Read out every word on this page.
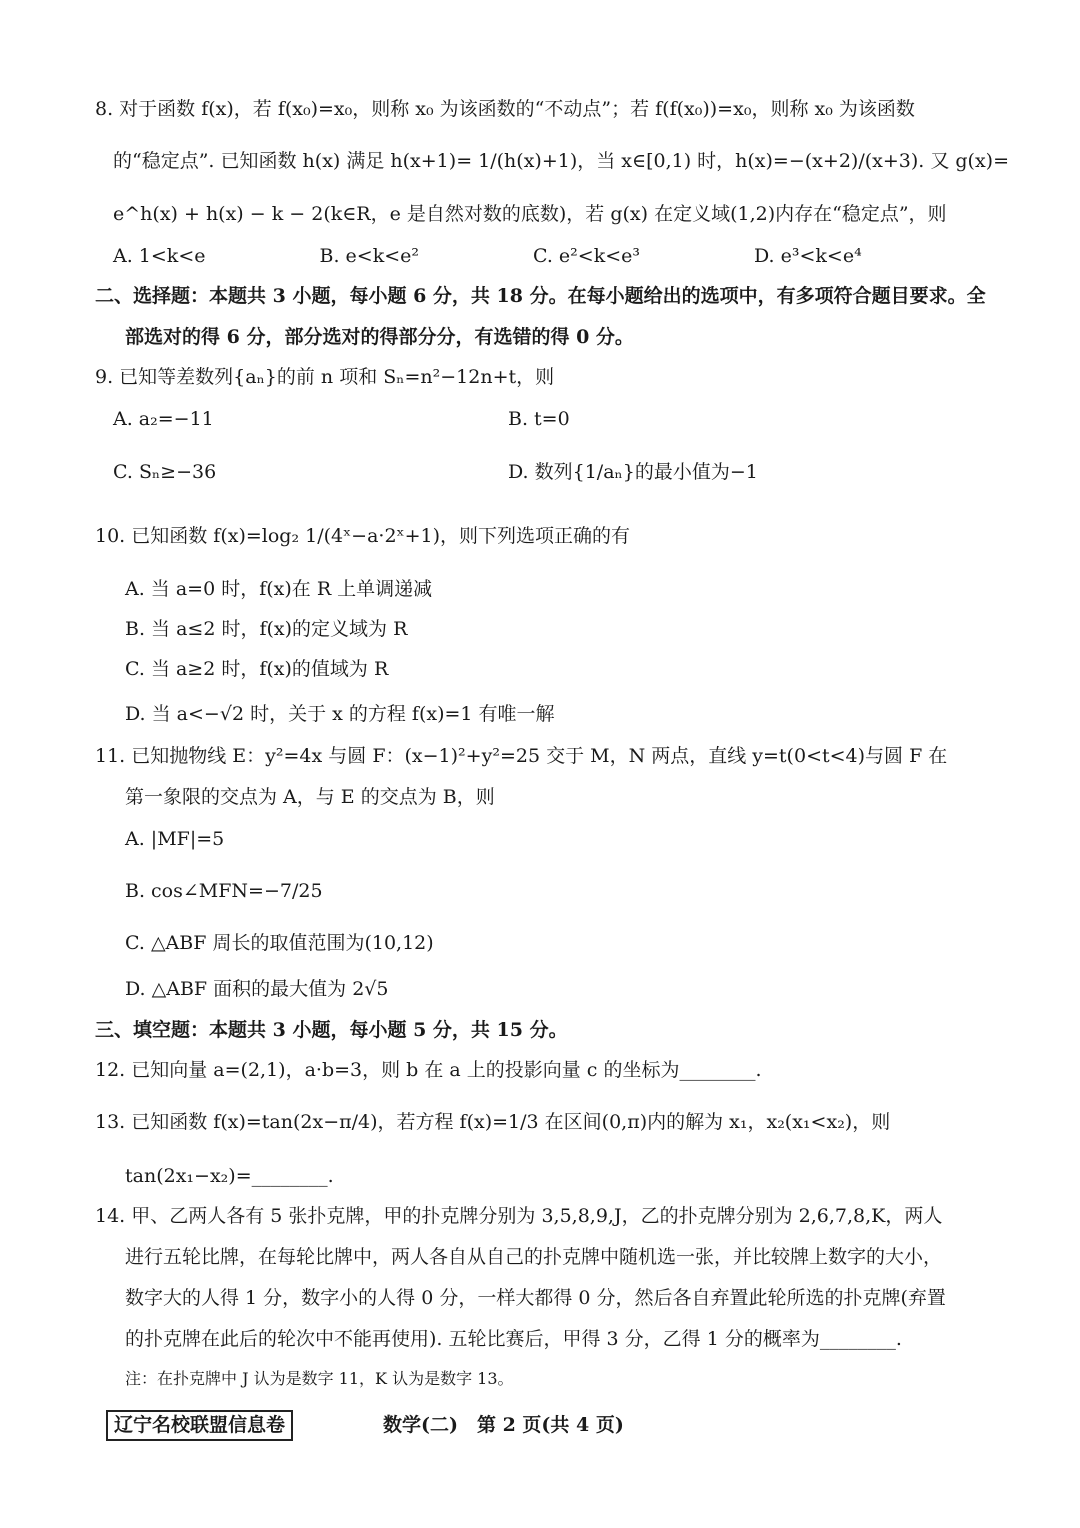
8. 对于函数 f(x)，若 f(x₀)=x₀，则称 x₀ 为该函数的“不动点”；若 f(f(x₀))=x₀，则称 x₀ 为该函数
的“稳定点”. 已知函数 h(x) 满足 h(x+1)= 1/(h(x)+1)，当 x∈[0,1) 时，h(x)=−(x+2)/(x+3). 又 g(x)=
e^h(x) + h(x) − k − 2(k∈R，e 是自然对数的底数)，若 g(x) 在定义域(1,2)内存在“稳定点”，则
A. 1<k<e　　　　　　B. e<k<e²　　　　　　C. e²<k<e³　　　　　　D. e³<k<e⁴
二、选择题：本题共 3 小题，每小题 6 分，共 18 分。在每小题给出的选项中，有多项符合题目要求。全
部选对的得 6 分，部分选对的得部分分，有选错的得 0 分。
9. 已知等差数列{aₙ}的前 n 项和 Sₙ=n²−12n+t，则
A. a₂=−11	B. t=0
C. Sₙ≥−36	D. 数列{1/aₙ}的最小值为−1
10. 已知函数 f(x)=log₂ 1/(4ˣ−a·2ˣ+1)，则下列选项正确的有
A. 当 a=0 时，f(x)在 R 上单调递减
B. 当 a≤2 时，f(x)的定义域为 R
C. 当 a≥2 时，f(x)的值域为 R
D. 当 a<−√2 时，关于 x 的方程 f(x)=1 有唯一解
11. 已知抛物线 E：y²=4x 与圆 F：(x−1)²+y²=25 交于 M，N 两点，直线 y=t(0<t<4)与圆 F 在
第一象限的交点为 A，与 E 的交点为 B，则
A. |MF|=5
B. cos∠MFN=−7/25
C. △ABF 周长的取值范围为(10,12)
D. △ABF 面积的最大值为 2√5
三、填空题：本题共 3 小题，每小题 5 分，共 15 分。
12. 已知向量 a=(2,1)，a·b=3，则 b 在 a 上的投影向量 c 的坐标为________.
13. 已知函数 f(x)=tan(2x−π/4)，若方程 f(x)=1/3 在区间(0,π)内的解为 x₁，x₂(x₁<x₂)，则
tan(2x₁−x₂)=________.
14. 甲、乙两人各有 5 张扑克牌，甲的扑克牌分别为 3,5,8,9,J，乙的扑克牌分别为 2,6,7,8,K，两人
进行五轮比牌，在每轮比牌中，两人各自从自己的扑克牌中随机选一张，并比较牌上数字的大小，
数字大的人得 1 分，数字小的人得 0 分，一样大都得 0 分，然后各自弃置此轮所选的扑克牌(弃置
的扑克牌在此后的轮次中不能再使用). 五轮比赛后，甲得 3 分，乙得 1 分的概率为________.
注：在扑克牌中 J 认为是数字 11，K 认为是数字 13。
辽宁名校联盟信息卷	数学(二)　第 2 页(共 4 页)
